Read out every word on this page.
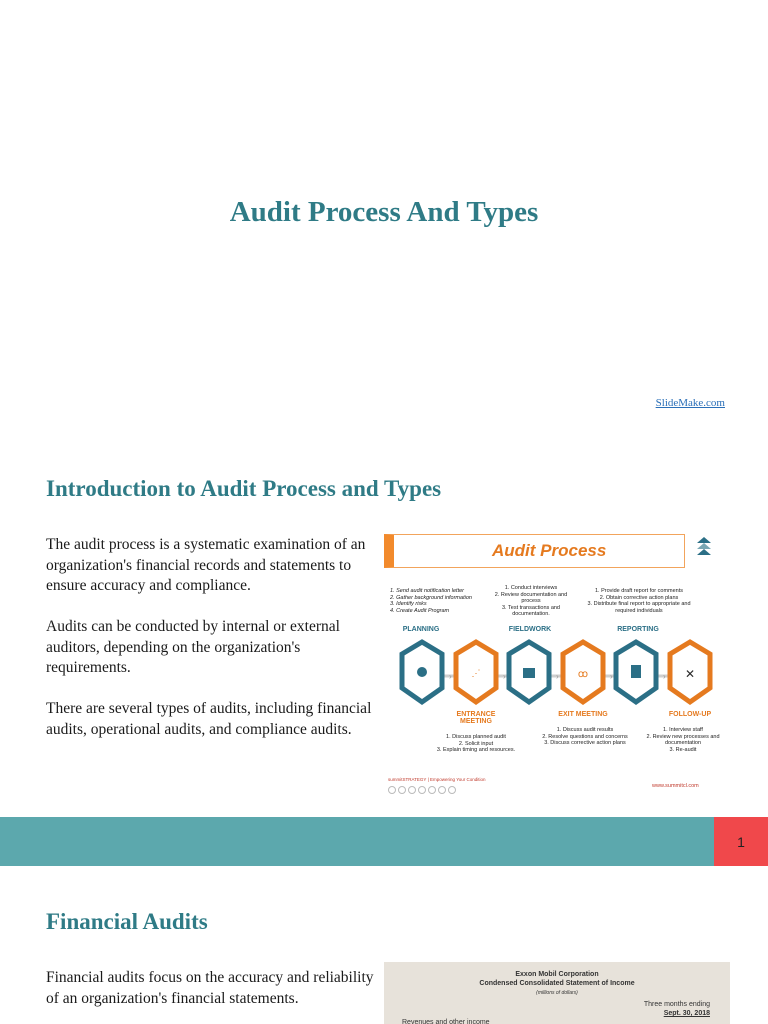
Audit Process And Types
SlideMake.com
Introduction to Audit Process and Types
The audit process is a systematic examination of an organization's financial records and statements to ensure accuracy and compliance.
Audits can be conducted by internal or external auditors, depending on the organization's requirements.
There are several types of audits, including financial audits, operational audits, and compliance audits.
Audit Process
1. Send audit notification letter
2. Gather background information
3. Identify risks
4. Create Audit Program
1. Conduct interviews
2. Review documentation and process
3. Test transactions and documentation.
1. Provide draft report for comments
2. Obtain corrective action plans
3. Distribute final report to appropriate and required individuals
PLANNING	FIELDWORK	REPORTING
⋰	ꝏ	✕
›	›	›	›	›
ENTRANCE MEETING
EXIT MEETING	FOLLOW-UP
1. Discuss planned audit
2. Solicit input
3. Explain timing and resources.
1. Discuss audit results
2. Resolve questions and concerns
3. Discuss corrective action plans
1. Interview staff
2. Review new processes and documentation
3. Re-audit
summitSTRATEGY | Empowering Your Condition
www.summitcl.com
1
Financial Audits
Financial audits focus on the accuracy and reliability of an organization's financial statements.
Exxon Mobil Corporation
Condensed Consolidated Statement of Income
(millions of dollars)
Three months ending
Sept. 30, 2018
Revenues and other income
